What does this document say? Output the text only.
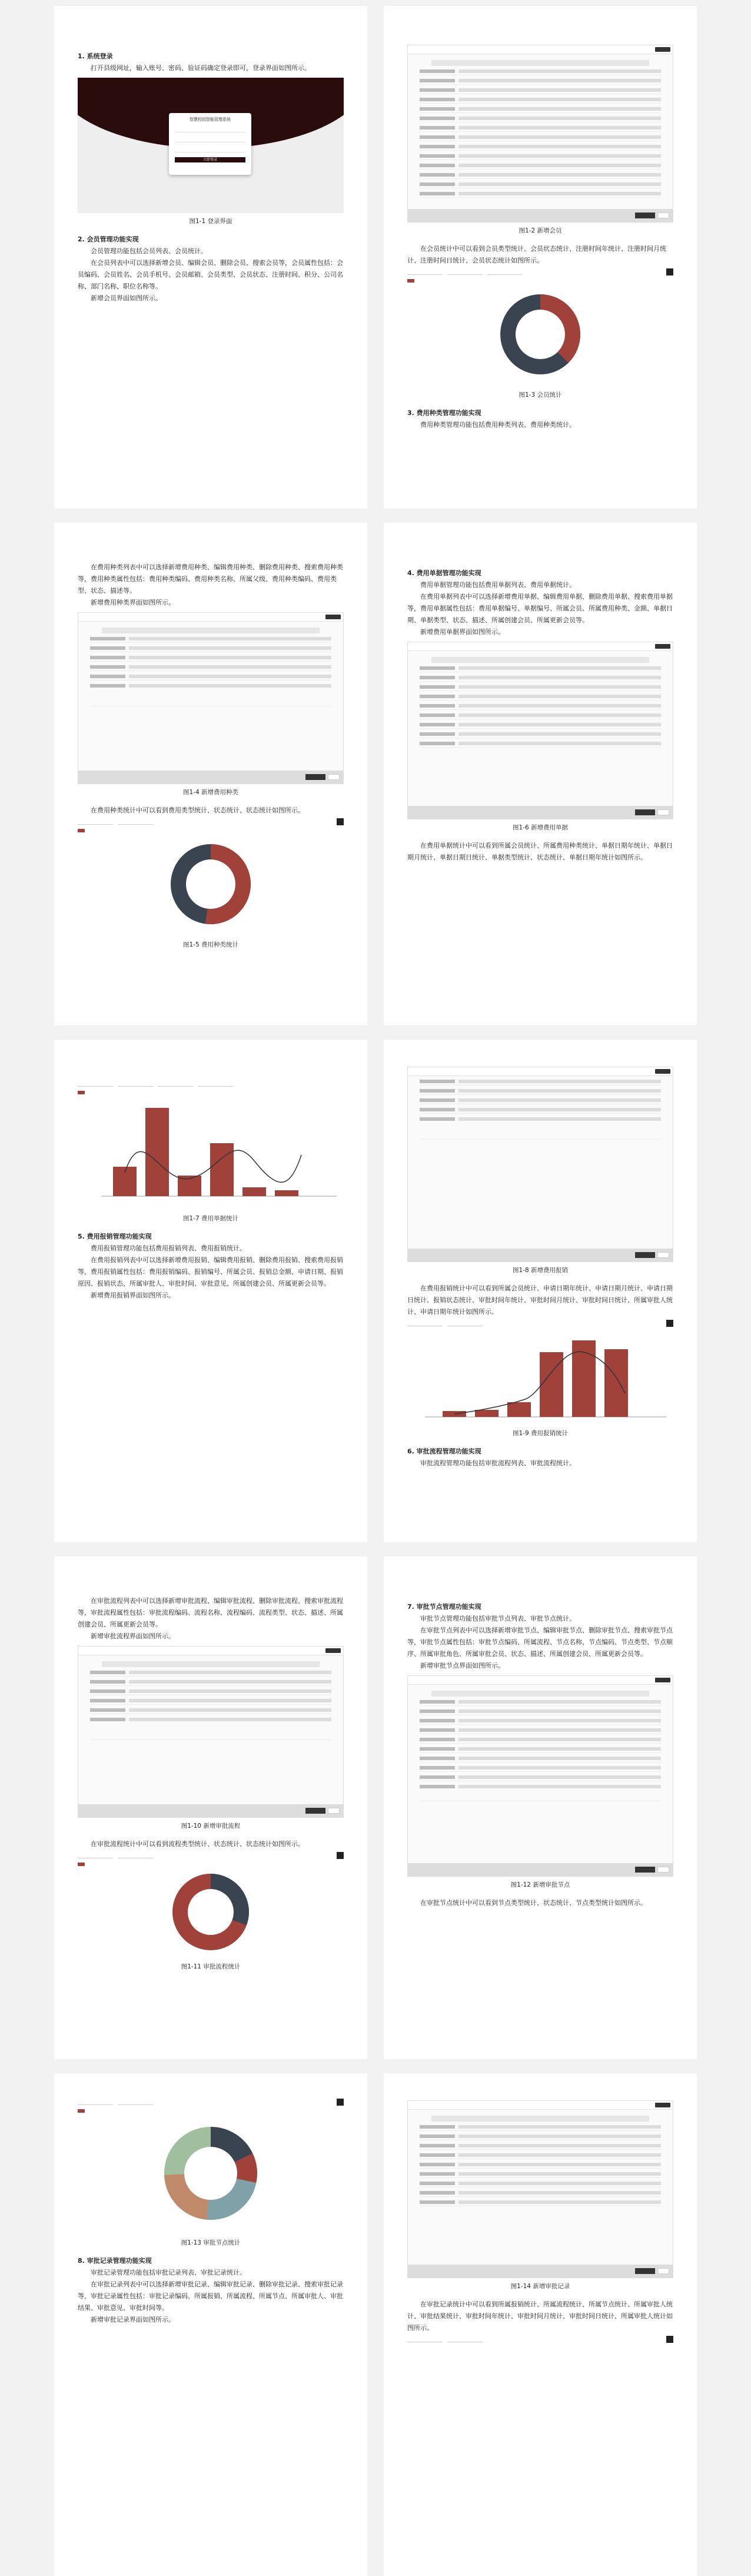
1. 系统登录

打开县级网址，输入账号、密码、验证码确定登录即可，登录界面如图所示。

智慧校园智能管理系统
立即登录
图1-1 登录界面
2. 会员管理功能实现

会员管理功能包括会员列表、会员统计。

在会员列表中可以选择新增会员、编辑会员、删除会员、搜索会员等，会员属性包括：会员编码、会员姓名、会员手机号、会员邮箱、会员类型、会员状态、注册时间、积分、公司名称、部门名称、职位名称等。

新增会员界面如图所示。

图1-2 新增会员

在会员统计中可以看到会员类型统计、会员状态统计、注册时间年统计、注册时间月统计、注册时间日统计、会员状态统计如图所示。

图1-3 会员统计
3. 费用种类管理功能实现

费用种类管理功能包括费用种类列表、费用种类统计。

在费用种类列表中可以选择新增费用种类、编辑费用种类、删除费用种类、搜索费用种类等，费用种类属性包括：费用种类编码、费用种类名称、所属父级、费用种类编码、费用类型、状态、描述等。

新增费用种类界面如图所示。

图1-4 新增费用种类

在费用种类统计中可以看到费用类型统计、状态统计、状态统计如图所示。

图1-5 费用种类统计
4. 费用单据管理功能实现

费用单据管理功能包括费用单据列表、费用单据统计。

在费用单据列表中可以选择新增费用单据、编辑费用单据、删除费用单据、搜索费用单据等，费用单据属性包括：费用单据编号、单据编号、所属会员、所属费用种类、金额、单据日期、单据类型、状态、描述、所属创建会员、所属更新会员等。

新增费用单据界面如图所示。

图1-6 新增费用单据

在费用单据统计中可以看到所属会员统计、所属费用种类统计、单据日期年统计、单据日期月统计、单据日期日统计、单据类型统计、状态统计、单据日期年统计如图所示。

图1-7 费用单据统计
5. 费用报销管理功能实现

费用报销管理功能包括费用报销列表、费用报销统计。

在费用报销列表中可以选择新增费用报销、编辑费用报销、删除费用报销、搜索费用报销等，费用报销属性包括：费用报销编码、报销编号、所属会员、报销总金额、申请日期、报销原因、报销状态、所属审批人、审批时间、审批意见、所属创建会员、所属更新会员等。

新增费用报销界面如图所示。

图1-8 新增费用报销

在费用报销统计中可以看到所属会员统计、申请日期年统计、申请日期月统计、申请日期日统计、报销状态统计、审批时间年统计、审批时间月统计、审批时间日统计、所属审批人统计、申请日期年统计如图所示。

图1-9 费用报销统计
6. 审批流程管理功能实现

审批流程管理功能包括审批流程列表、审批流程统计。

在审批流程列表中可以选择新增审批流程、编辑审批流程、删除审批流程、搜索审批流程等，审批流程属性包括：审批流程编码、流程名称、流程编码、流程类型、状态、描述、所属创建会员、所属更新会员等。

新增审批流程界面如图所示。

图1-10 新增审批流程

在审批流程统计中可以看到流程类型统计、状态统计、状态统计如图所示。

图1-11 审批流程统计
7. 审批节点管理功能实现

审批节点管理功能包括审批节点列表、审批节点统计。

在审批节点列表中可以选择新增审批节点、编辑审批节点、删除审批节点、搜索审批节点等，审批节点属性包括：审批节点编码、所属流程、节点名称、节点编码、节点类型、节点顺序、所属审批角色、所属审批会员、状态、描述、所属创建会员、所属更新会员等。

新增审批节点界面如图所示。

图1-12 新增审批节点

在审批节点统计中可以看到节点类型统计、状态统计、节点类型统计如图所示。

图1-13 审批节点统计
8. 审批记录管理功能实现

审批记录管理功能包括审批记录列表、审批记录统计。

在审批记录列表中可以选择新增审批记录、编辑审批记录、删除审批记录、搜索审批记录等，审批记录属性包括：审批记录编码、所属报销、所属流程、所属节点、所属审批人、审批结果、审批意见、审批时间等。

新增审批记录界面如图所示。

图1-14 新增审批记录

在审批记录统计中可以看到所属报销统计、所属流程统计、所属节点统计、所属审批人统计、审批结果统计、审批时间年统计、审批时间月统计、审批时间日统计、所属审批人统计如图所示。
